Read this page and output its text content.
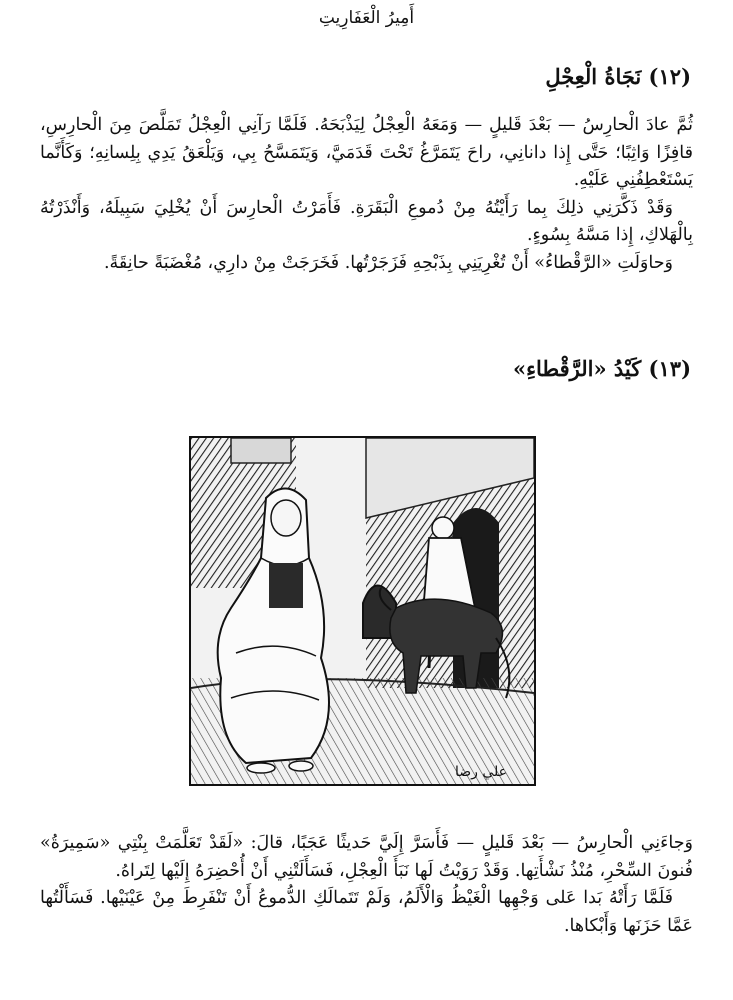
أَمِيرُ الْعَفَارِيتِ
(١٢) نَجَاةُ الْعِجْلِ

ثُمَّ عادَ الْحارِسُ — بَعْدَ قَليلٍ — وَمَعَهُ الْعِجْلُ لِيَذْبَحَهُ. فَلَمَّا رَآنِي الْعِجْلُ تَمَلَّصَ مِنَ الْحارِسِ، قافِزًا وَاثِبًا؛ حَتَّى إِذا دانانِي، راحَ يَتَمَرَّغُ تَحْتَ قَدَمَيَّ، وَيَتَمَسَّحُ بِي، وَيَلْعَقُ يَدِي بِلِسانِهِ؛ وَكَأَنَّما يَسْتَعْطِفُنِي عَلَيْهِ.

وَقَدْ ذَكَّرَنِي ذلِكَ بِما رَأَيْتُهُ مِنْ دُموعِ الْبَقَرَةِ. فَأَمَرْتُ الْحارِسَ أَنْ يُخْلِيَ سَبِيلَهُ، وَأَنْذَرْتُهُ بِالْهَلاكِ، إِذا مَسَّهُ بِسُوءٍ.

وَحاوَلَتِ «الرَّقْطاءُ» أَنْ تُغْرِيَنِي بِذَبْحِهِ فَزَجَرْتُها. فَخَرَجَتْ مِنْ دارِي، مُغْضَبَةً حانِقَةً.

(١٣) كَيْدُ «الرَّقْطاءِ»
علي رضا

وَجاءَنِي الْحارِسُ — بَعْدَ قَليلٍ — فَأَسَرَّ إِلَيَّ حَديثًا عَجَبًا، قالَ: «لَقَدْ تَعَلَّمَتْ بِنْتِي «سَمِيرَةُ» فُنونَ السِّحْرِ، مُنْذُ نَشْأَتِها. وَقَدْ رَوَيْتُ لَها نَبَأَ الْعِجْلِ، فَسَأَلَتْنِي أَنْ أُحْضِرَهُ إِلَيْها لِتَراهُ.

فَلَمَّا رَأَتْهُ بَدا عَلى وَجْهِها الْغَيْظُ وَالْأَلَمُ، وَلَمْ تَتَمالَكِ الدُّموعُ أَنْ تَنْفَرِطَ مِنْ عَيْنَيْها. فَسَأَلْتُها عَمَّا حَزَنَها وَأَبْكاها.
